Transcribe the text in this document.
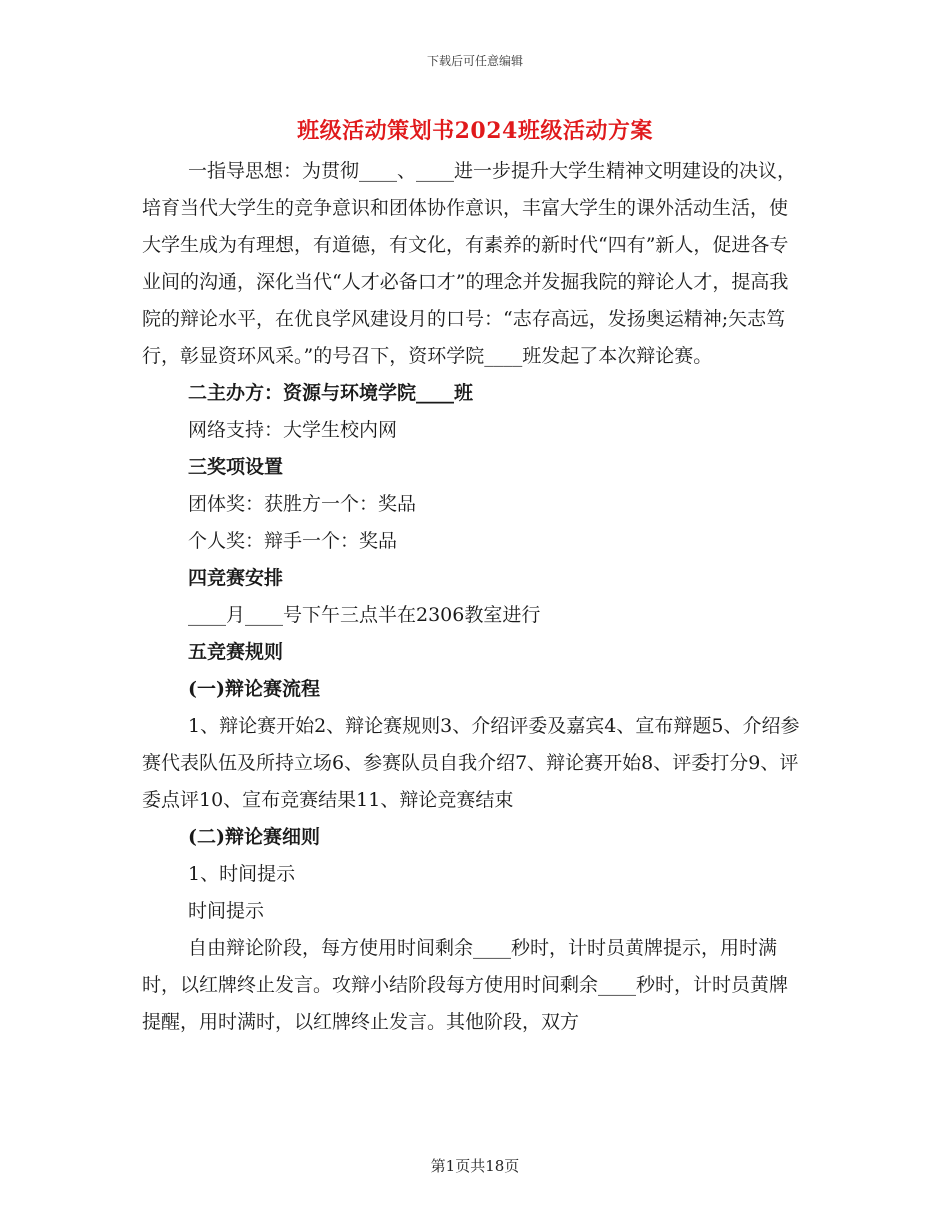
下载后可任意编辑
班级活动策划书2024班级活动方案

一指导思想：为贯彻____、____进一步提升大学生精神文明建设的决议，培育当代大学生的竞争意识和团体协作意识，丰富大学生的课外活动生活，使大学生成为有理想，有道德，有文化，有素养的新时代“四有”新人，促进各专业间的沟通，深化当代“人才必备口才”的理念并发掘我院的辩论人才，提高我院的辩论水平，在优良学风建设月的口号：“志存高远，发扬奥运精神;矢志笃行，彰显资环风采。”的号召下，资环学院____班发起了本次辩论赛。

二主办方：资源与环境学院____班

网络支持：大学生校内网

三奖项设置

团体奖：获胜方一个：奖品

个人奖：辩手一个：奖品

四竞赛安排

____月____号下午三点半在2306教室进行

五竞赛规则

(一)辩论赛流程

1、辩论赛开始2、辩论赛规则3、介绍评委及嘉宾4、宣布辩题5、介绍参赛代表队伍及所持立场6、参赛队员自我介绍7、辩论赛开始8、评委打分9、评委点评10、宣布竞赛结果11、辩论竞赛结束

(二)辩论赛细则

1、时间提示

时间提示

自由辩论阶段，每方使用时间剩余____秒时，计时员黄牌提示，用时满时，以红牌终止发言。攻辩小结阶段每方使用时间剩余____秒时，计时员黄牌提醒，用时满时，以红牌终止发言。其他阶段，双方

第1页共18页
